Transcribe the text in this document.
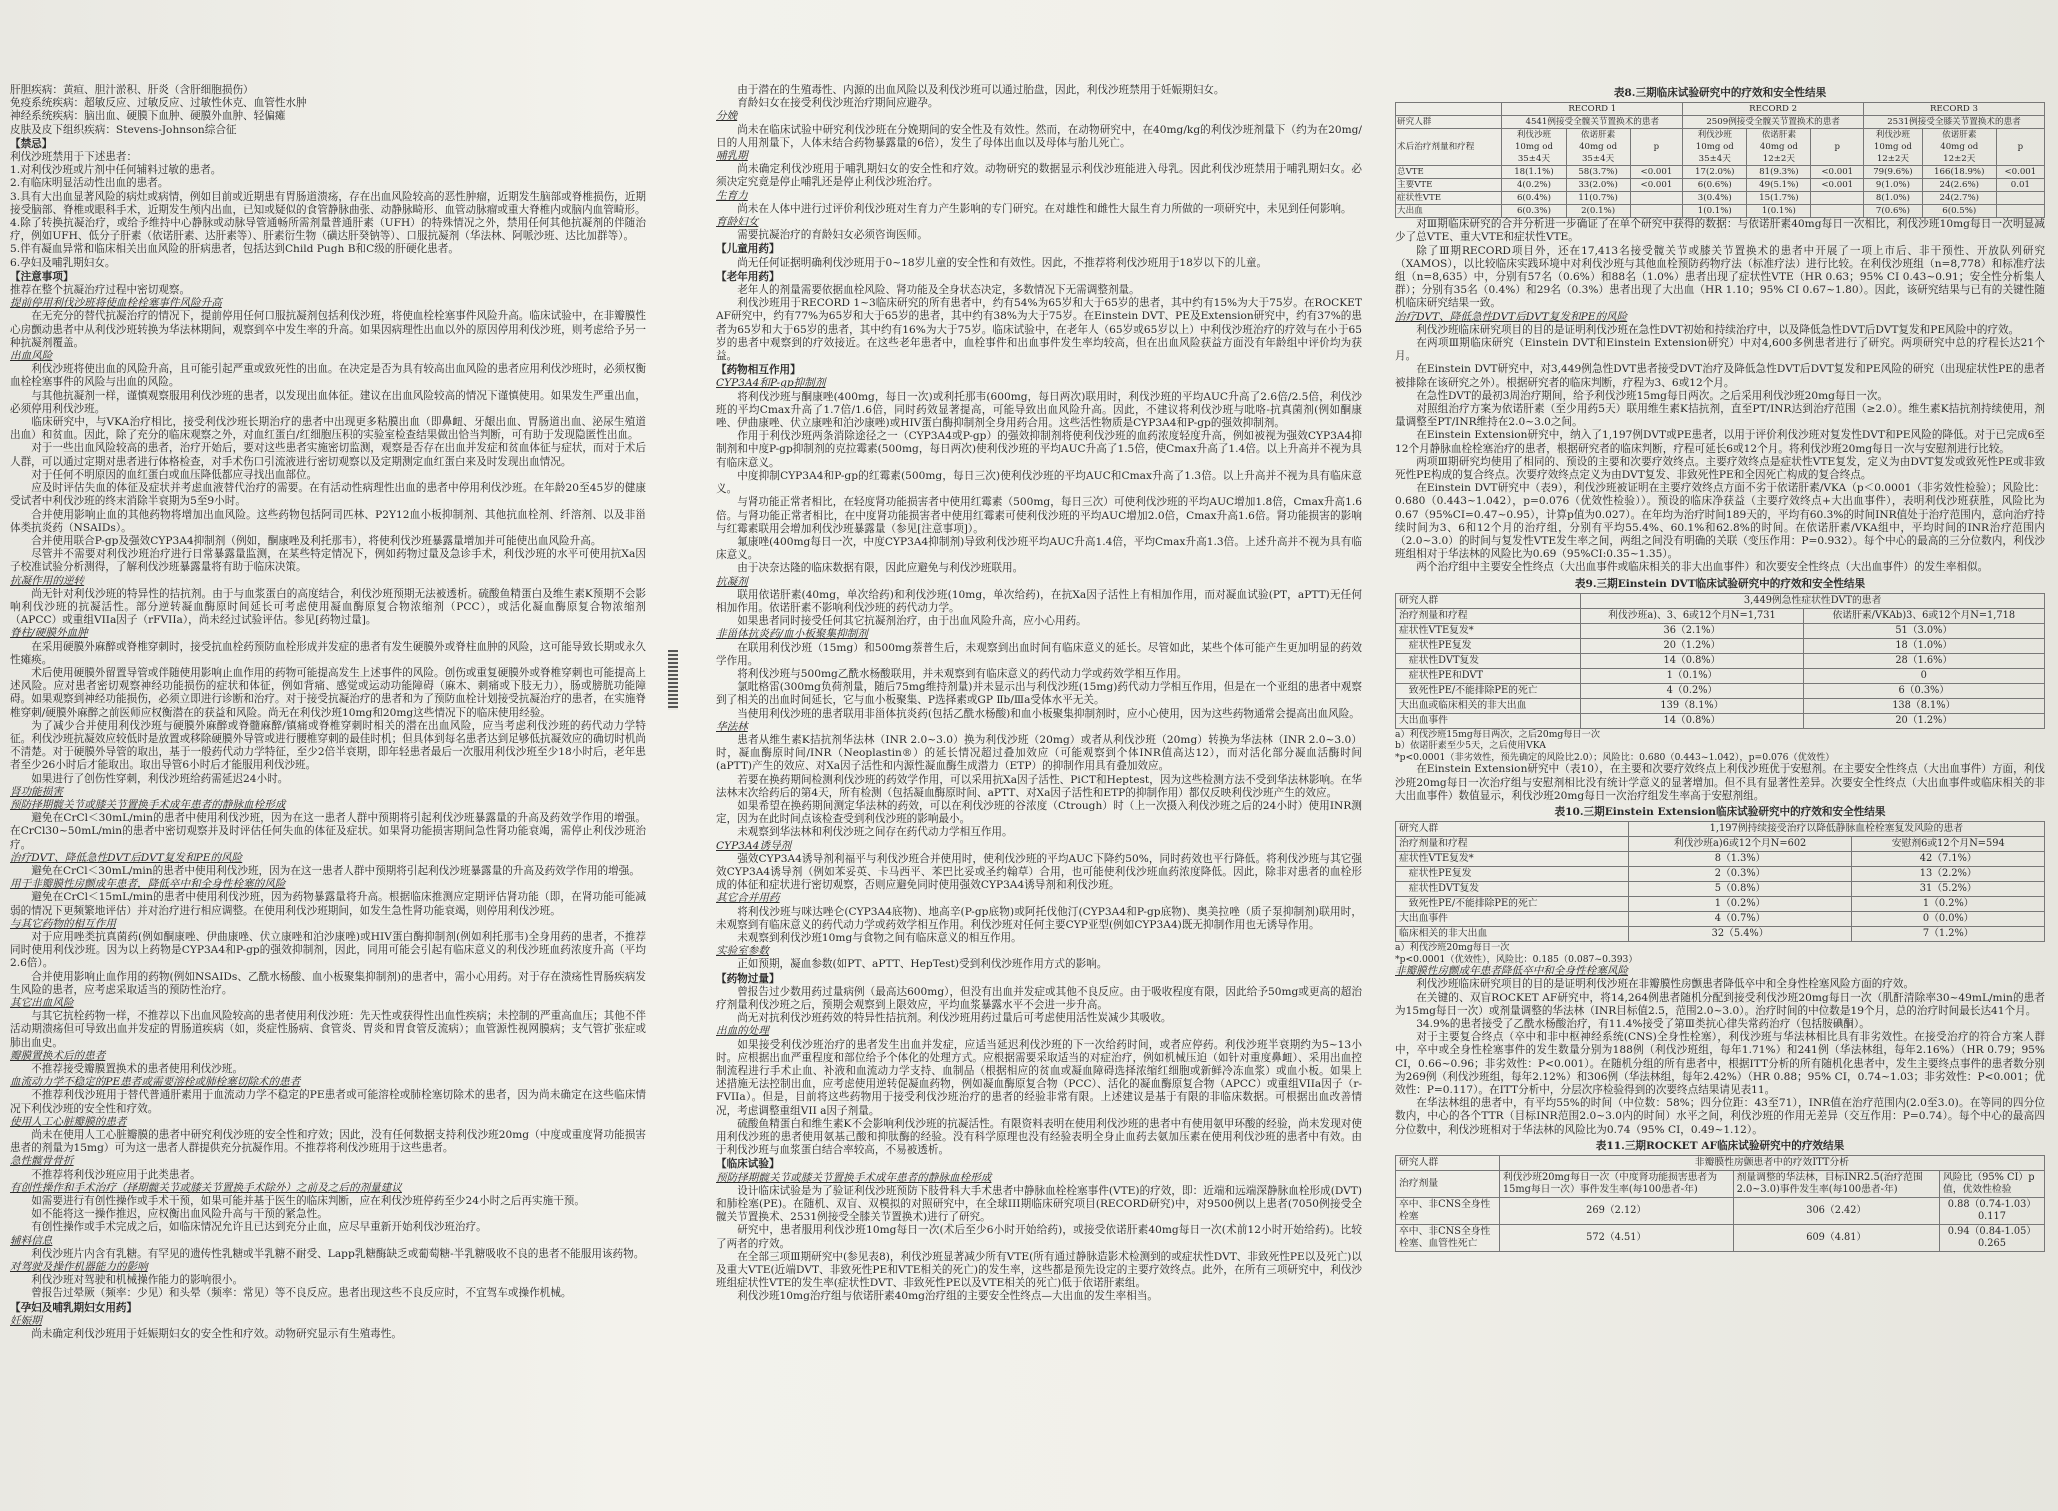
肝胆疾病：黄疸、胆汁淤积、肝炎（含肝细胞损伤）

免疫系统疾病：超敏反应、过敏反应、过敏性休克、血管性水肿

神经系统疾病：脑出血、硬膜下血肿、硬膜外血肿、轻偏瘫

皮肤及皮下组织疾病：Stevens-Johnson综合征

【禁忌】

利伐沙班禁用于下述患者：

1.对利伐沙班或片剂中任何辅料过敏的患者。

2.有临床明显活动性出血的患者。

3.具有大出血显著风险的病灶或病情，例如目前或近期患有胃肠道溃疡，存在出血风险较高的恶性肿瘤，近期发生脑部或脊椎损伤，近期接受脑部、脊椎或眼科手术，近期发生颅内出血，已知或疑似的食管静脉曲张、动静脉畸形、血管动脉瘤或重大脊椎内或脑内血管畸形。

4.除了转换抗凝治疗，或给予维持中心静脉或动脉导管通畅所需剂量普通肝素（UFH）的特殊情况之外，禁用任何其他抗凝剂的伴随治疗，例如UFH、低分子肝素（依诺肝素、达肝素等）、肝素衍生物（磺达肝癸钠等）、口服抗凝剂（华法林、阿哌沙班、达比加群等）。

5.伴有凝血异常和临床相关出血风险的肝病患者，包括达到Child Pugh B和C级的肝硬化患者。

6.孕妇及哺乳期妇女。

【注意事项】

推荐在整个抗凝治疗过程中密切观察。

提前停用利伐沙班将使血栓栓塞事件风险升高

在无充分的替代抗凝治疗的情况下，提前停用任何口服抗凝剂包括利伐沙班，将使血栓栓塞事件风险升高。临床试验中，在非瓣膜性心房颤动患者中从利伐沙班转换为华法林期间，观察到卒中发生率的升高。如果因病理性出血以外的原因停用利伐沙班，则考虑给予另一种抗凝剂覆盖。

出血风险

利伐沙班将使出血的风险升高，且可能引起严重或致死性的出血。在决定是否为具有较高出血风险的患者应用利伐沙班时，必须权衡血栓栓塞事件的风险与出血的风险。

与其他抗凝剂一样，谨慎观察服用利伐沙班的患者，以发现出血体征。建议在出血风险较高的情况下谨慎使用。如果发生严重出血，必须停用利伐沙班。

临床研究中，与VKA治疗相比，接受利伐沙班长期治疗的患者中出现更多粘膜出血（即鼻衄、牙龈出血、胃肠道出血、泌尿生殖道出血）和贫血。因此，除了充分的临床观察之外，对血红蛋白/红细胞压积的实验室检查结果做出恰当判断，可有助于发现隐匿性出血。

对于一些出血风险较高的患者，治疗开始后，要对这些患者实施密切监测，观察是否存在出血并发症和贫血体征与症状，而对于术后人群，可以通过定期对患者进行体格检查，对手术伤口引流液进行密切观察以及定期测定血红蛋白来及时发现出血情况。

对于任何不明原因的血红蛋白或血压降低都应寻找出血部位。

应及时评估失血的体征及症状并考虑血液替代治疗的需要。在有活动性病理性出血的患者中停用利伐沙班。在年龄20至45岁的健康受试者中利伐沙班的终末消除半衰期为5至9小时。

合并使用影响止血的其他药物将增加出血风险。这些药物包括阿司匹林、P2Y12血小板抑制剂、其他抗血栓剂、纤溶剂、以及非甾体类抗炎药（NSAIDs）。

合并使用联合P-gp及强效CYP3A4抑制剂（例如，酮康唑及利托那韦），将使利伐沙班暴露量增加并可能使出血风险升高。

尽管并不需要对利伐沙班治疗进行日常暴露量监测，在某些特定情况下，例如药物过量及急诊手术，利伐沙班的水平可使用抗Xa因子校准试验分析测得，了解利伐沙班暴露量将有助于临床决策。

抗凝作用的逆转

尚无针对利伐沙班的特异性的拮抗剂。由于与血浆蛋白的高度结合，利伐沙班预期无法被透析。硫酸鱼精蛋白及维生素K预期不会影响利伐沙班的抗凝活性。部分逆转凝血酶原时间延长可考虑使用凝血酶原复合物浓缩剂（PCC），或活化凝血酶原复合物浓缩剂（APCC）或重组VIIa因子（rFVIIa），尚未经过试验评估。参见[药物过量]。

脊柱/硬膜外血肿

在采用硬膜外麻醉或脊椎穿刺时，接受抗血栓药预防血栓形成并发症的患者有发生硬膜外或脊柱血肿的风险，这可能导致长期或永久性瘫痪。

术后使用硬膜外留置导管或伴随使用影响止血作用的药物可能提高发生上述事件的风险。创伤或重复硬膜外或脊椎穿刺也可能提高上述风险。应对患者密切观察神经功能损伤的症状和体征，例如背痛、感觉或运动功能障碍（麻木、刺痛或下肢无力），肠或膀胱功能障碍。如果观察到神经功能损伤，必须立即进行诊断和治疗。对于接受抗凝治疗的患者和为了预防血栓计划接受抗凝治疗的患者，在实施脊椎穿刺/硬膜外麻醉之前医师应权衡潜在的获益和风险。尚无在利伐沙班10mg和20mg这些情况下的临床使用经验。

为了减少合并使用利伐沙班与硬膜外麻醉或脊髓麻醉/镇痛或脊椎穿刺时相关的潜在出血风险，应当考虑利伐沙班的药代动力学特征。利伐沙班抗凝效应较低时是放置或移除硬膜外导管或进行腰椎穿刺的最佳时机；但具体到每名患者达到足够低抗凝效应的确切时机尚不清楚。对于硬膜外导管的取出，基于一般药代动力学特征，至少2倍半衰期，即年轻患者最后一次服用利伐沙班至少18小时后，老年患者至少26小时后才能取出。取出导管6小时后才能服用利伐沙班。

如果进行了创伤性穿刺，利伐沙班给药需延迟24小时。

肾功能损害

预防择期髋关节或膝关节置换手术成年患者的静脉血栓形成

避免在CrCl＜30mL/min的患者中使用利伐沙班，因为在这一患者人群中预期将引起利伐沙班暴露量的升高及药效学作用的增强。在CrCl30~50mL/min的患者中密切观察并及时评估任何失血的体征及症状。如果肾功能损害期间急性肾功能衰竭，需停止利伐沙班治疗。

治疗DVT、降低急性DVT后DVT复发和PE的风险

避免在CrCl＜30mL/min的患者中使用利伐沙班，因为在这一患者人群中预期将引起利伐沙班暴露量的升高及药效学作用的增强。

用于非瓣膜性房颤成年患者，降低卒中和全身性栓塞的风险

避免在CrCl＜15mL/min的患者中使用利伐沙班，因为药物暴露量将升高。根据临床推测应定期评估肾功能（即，在肾功能可能减弱的情况下更频繁地评估）并对治疗进行相应调整。在使用利伐沙班期间，如发生急性肾功能衰竭，则停用利伐沙班。

与其它药物的相互作用

对于应用唑类抗真菌药(例如酮康唑、伊曲康唑、伏立康唑和泊沙康唑)或HIV蛋白酶抑制剂(例如利托那韦)全身用药的患者，不推荐同时使用利伐沙班。因为以上药物是CYP3A4和P-gp的强效抑制剂，因此，同用可能会引起有临床意义的利伐沙班血药浓度升高（平均2.6倍）。

合并使用影响止血作用的药物(例如NSAIDs、乙酰水杨酸、血小板聚集抑制剂)的患者中，需小心用药。对于存在溃疡性胃肠疾病发生风险的患者，应考虑采取适当的预防性治疗。

其它出血风险

与其它抗栓药物一样，不推荐以下出血风险较高的患者使用利伐沙班：先天性或获得性出血性疾病；未控制的严重高血压；其他不伴活动期溃疡但可导致出血并发症的胃肠道疾病（如，炎症性肠病、食管炎、胃炎和胃食管反流病）；血管源性视网膜病；支气管扩张症或肺出血史。

瓣膜置换术后的患者

不推荐接受瓣膜置换术的患者使用利伐沙班。

血流动力学不稳定的PE患者或需要溶栓或肺栓塞切除术的患者

不推荐利伐沙班用于替代普通肝素用于血流动力学不稳定的PE患者或可能溶栓或肺栓塞切除术的患者，因为尚未确定在这些临床情况下利伐沙班的安全性和疗效。

使用人工心脏瓣膜的患者

尚未在使用人工心脏瓣膜的患者中研究利伐沙班的安全性和疗效；因此，没有任何数据支持利伐沙班20mg（中度或重度肾功能损害患者的剂量为15mg）可为这一患者人群提供充分抗凝作用。不推荐将利伐沙班用于这些患者。

急性髋骨骨折

不推荐将利伐沙班应用于此类患者。

有创性操作和手术治疗（择期髋关节或膝关节置换手术除外）之前及之后的剂量建议

如需要进行有创性操作或手术干预，如果可能并基于医生的临床判断，应在利伐沙班停药至少24小时之后再实施干预。

如不能将这一操作推迟，应权衡出血风险升高与干预的紧急性。

有创性操作或手术完成之后，如临床情况允许且已达到充分止血，应尽早重新开始利伐沙班治疗。

辅料信息

利伐沙班片内含有乳糖。有罕见的遗传性乳糖或半乳糖不耐受、Lapp乳糖酶缺乏或葡萄糖-半乳糖吸收不良的患者不能服用该药物。

对驾驶及操作机器能力的影响

利伐沙班对驾驶和机械操作能力的影响很小。

曾报告过晕厥（频率：少见）和头晕（频率：常见）等不良反应。患者出现这些不良反应时，不宜驾车或操作机械。

【孕妇及哺乳期妇女用药】

妊娠期

尚未确定利伐沙班用于妊娠期妇女的安全性和疗效。动物研究显示有生殖毒性。

由于潜在的生殖毒性、内源的出血风险以及利伐沙班可以通过胎盘，因此，利伐沙班禁用于妊娠期妇女。

育龄妇女在接受利伐沙班治疗期间应避孕。

分娩

尚未在临床试验中研究利伐沙班在分娩期间的安全性及有效性。然而，在动物研究中，在40mg/kg的利伐沙班剂量下（约为在20mg/日的人用剂量下，人体未结合药物暴露量的6倍），发生了母体出血以及母体与胎儿死亡。

哺乳期

尚未确定利伐沙班用于哺乳期妇女的安全性和疗效。动物研究的数据显示利伐沙班能进入母乳。因此利伐沙班禁用于哺乳期妇女。必须决定究竟是停止哺乳还是停止利伐沙班治疗。

生育力

尚未在人体中进行过评价利伐沙班对生育力产生影响的专门研究。在对雄性和雌性大鼠生育力所做的一项研究中，未见到任何影响。

育龄妇女

需要抗凝治疗的育龄妇女必须咨询医师。

【儿童用药】

尚无任何证据明确利伐沙班用于0~18岁儿童的安全性和有效性。因此，不推荐将利伐沙班用于18岁以下的儿童。

【老年用药】

老年人的剂量需要依据血栓风险、肾功能及全身状态决定，多数情况下无需调整剂量。

利伐沙班用于RECORD 1~3临床研究的所有患者中，约有54%为65岁和大于65岁的患者，其中约有15%为大于75岁。在ROCKET AF研究中，约有77%为65岁和大于65岁的患者，其中约有38%为大于75岁。在Einstein DVT、PE及Extension研究中，约有37%的患者为65岁和大于65岁的患者，其中约有16%为大于75岁。临床试验中，在老年人（65岁或65岁以上）中利伐沙班治疗的疗效与在小于65岁的患者中观察到的疗效接近。在这些老年患者中，血栓事件和出血事件发生率均较高，但在出血风险获益方面没有年龄组中评价均为获益。

【药物相互作用】

CYP3A4和P-gp抑制剂

将利伐沙班与酮康唑(400mg，每日一次)或利托那韦(600mg，每日两次)联用时，利伐沙班的平均AUC升高了2.6倍/2.5倍，利伐沙班的平均Cmax升高了1.7倍/1.6倍，同时药效显著提高，可能导致出血风险升高。因此，不建议将利伐沙班与吡咯-抗真菌剂(例如酮康唑、伊曲康唑、伏立康唑和泊沙康唑)或HIV蛋白酶抑制剂全身用药合用。这些活性物质是CYP3A4和P-gp的强效抑制剂。

作用于利伐沙班两条消除途径之一（CYP3A4或P-gp）的强效抑制剂将使利伐沙班的血药浓度轻度升高，例如被视为强效CYP3A4抑制剂和中度P-gp抑制剂的克拉霉素(500mg，每日两次)使利伐沙班的平均AUC升高了1.5倍，使Cmax升高了1.4倍。以上升高并不视为具有临床意义。

中度抑制CYP3A4和P-gp的红霉素(500mg，每日三次)使利伐沙班的平均AUC和Cmax升高了1.3倍。以上升高并不视为具有临床意义。

与肾功能正常者相比，在轻度肾功能损害者中使用红霉素（500mg，每日三次）可使利伐沙班的平均AUC增加1.8倍，Cmax升高1.6倍。与肾功能正常者相比，在中度肾功能损害者中使用红霉素可使利伐沙班的平均AUC增加2.0倍，Cmax升高1.6倍。肾功能损害的影响与红霉素联用会增加利伐沙班暴露量（参见[注意事项]）。

氟康唑(400mg每日一次，中度CYP3A4抑制剂)导致利伐沙班平均AUC升高1.4倍，平均Cmax升高1.3倍。上述升高并不视为具有临床意义。

由于决奈达隆的临床数据有限，因此应避免与利伐沙班联用。

抗凝剂

联用依诺肝素(40mg，单次给药)和利伐沙班(10mg，单次给药)，在抗Xa因子活性上有相加作用，而对凝血试验(PT，aPTT)无任何相加作用。依诺肝素不影响利伐沙班的药代动力学。

如果患者同时接受任何其它抗凝剂治疗，由于出血风险升高，应小心用药。

非甾体抗炎药/血小板聚集抑制剂

在联用利伐沙班（15mg）和500mg萘普生后，未观察到出血时间有临床意义的延长。尽管如此，某些个体可能产生更加明显的药效学作用。

将利伐沙班与500mg乙酰水杨酸联用，并未观察到有临床意义的药代动力学或药效学相互作用。

氯吡格雷(300mg负荷剂量，随后75mg维持剂量)并未显示出与利伐沙班(15mg)药代动力学相互作用，但是在一个亚组的患者中观察到了相关的出血时间延长，它与血小板聚集、P选择素或GP Ⅱb/Ⅲa受体水平无关。

当使用利伐沙班的患者联用非甾体抗炎药(包括乙酰水杨酸)和血小板聚集抑制剂时，应小心使用，因为这些药物通常会提高出血风险。

华法林

患者从维生素K拮抗剂华法林（INR 2.0~3.0）换为利伐沙班（20mg）或者从利伐沙班（20mg）转换为华法林（INR 2.0~3.0）时，凝血酶原时间/INR（Neoplastin®）的延长情况超过叠加效应（可能观察到个体INR值高达12），而对活化部分凝血活酶时间(aPTT)产生的效应、对Xa因子活性和内源性凝血酶生成潜力（ETP）的抑制作用具有叠加效应。

若要在换药期间检测利伐沙班的药效学作用，可以采用抗Xa因子活性、PiCT和Heptest，因为这些检测方法不受到华法林影响。在华法林末次给药后的第4天，所有检测（包括凝血酶原时间、aPTT、对Xa因子活性和ETP的抑制作用）都仅反映利伐沙班产生的效应。

如果希望在换药期间测定华法林的药效，可以在利伐沙班的谷浓度（Ctrough）时（上一次摄入利伐沙班之后的24小时）使用INR测定，因为在此时间点该检查受到利伐沙班的影响最小。

未观察到华法林和利伐沙班之间存在药代动力学相互作用。

CYP3A4诱导剂

强效CYP3A4诱导剂利福平与利伐沙班合并使用时，使利伐沙班的平均AUC下降约50%，同时药效也平行降低。将利伐沙班与其它强效CYP3A4诱导剂（例如苯妥英、卡马西平、苯巴比妥或圣约翰草）合用，也可能使利伐沙班血药浓度降低。因此，除非对患者的血栓形成的体征和症状进行密切观察，否则应避免同时使用强效CYP3A4诱导剂和利伐沙班。

其它合并用药

将利伐沙班与咪达唑仑(CYP3A4底物)、地高辛(P-gp底物)或阿托伐他汀(CYP3A4和P-gp底物)、奥美拉唑（质子泵抑制剂)联用时，未观察到有临床意义的药代动力学或药效学相互作用。利伐沙班对任何主要CYP亚型(例如CYP3A4)既无抑制作用也无诱导作用。

未观察到利伐沙班10mg与食物之间有临床意义的相互作用。

实验室参数

正如预期，凝血参数(如PT、aPTT、HepTest)受到利伐沙班作用方式的影响。

【药物过量】

曾报告过少数用药过量病例（最高达600mg），但没有出血并发症或其他不良反应。由于吸收程度有限，因此给予50mg或更高的超治疗剂量利伐沙班之后，预期会观察到上限效应，平均血浆暴露水平不会进一步升高。

尚无对抗利伐沙班药效的特异性拮抗剂。利伐沙班用药过量后可考虑使用活性炭减少其吸收。

出血的处理

如果接受利伐沙班治疗的患者发生出血并发症，应适当延迟利伐沙班的下一次给药时间，或者应停药。利伐沙班半衰期约为5~13小时。应根据出血严重程度和部位给予个体化的处理方式。应根据需要采取适当的对症治疗，例如机械压迫（如针对重度鼻衄）、采用出血控制流程进行手术止血、补液和血流动力学支持、血制品（根据相应的贫血或凝血障碍选择浓缩红细胞或新鲜冷冻血浆）或血小板。如果上述措施无法控制出血，应考虑使用逆转促凝血药物，例如凝血酶原复合物（PCC）、活化的凝血酶原复合物（APCC）或重组VIIa因子（r-FVIIa）。但是，目前将这些药物用于接受利伐沙班治疗的患者的经验非常有限。上述建议是基于有限的非临床数据。可根据出血改善情况，考虑调整重组VII a因子剂量。

硫酸鱼精蛋白和维生素K不会影响利伐沙班的抗凝活性。有限资料表明在使用利伐沙班的患者中有使用氨甲环酸的经验，尚未发现对使用利伐沙班的患者使用氨基己酸和抑肽酶的经验。没有科学原理也没有经验表明全身止血药去氨加压素在使用利伐沙班的患者中有效。由于利伐沙班与血浆蛋白结合率较高，不易被透析。

【临床试验】

预防择期髋关节或膝关节置换手术成年患者的静脉血栓形成

设计临床试验是为了验证利伐沙班预防下肢骨科大手术患者中静脉血栓栓塞事件(VTE)的疗效，即：近端和远端深静脉血栓形成(DVT)和肺栓塞(PE)。在随机、双盲、双模拟的对照研究中，在全球III期临床研究项目(RECORD研究)中，对9500例以上患者(7050例接受全髋关节置换术、2531例接受全膝关节置换术)进行了研究。

研究中，患者服用利伐沙班10mg每日一次(术后至少6小时开始给药)，或接受依诺肝素40mg每日一次(术前12小时开始给药)。比较了两者的疗效。

在全部三项Ⅲ期研究中(参见表8)，利伐沙班显著减少所有VTE(所有通过静脉造影术检测到的或症状性DVT、非致死性PE以及死亡)以及重大VTE(近端DVT、非致死性PE和VTE相关的死亡)的发生率，这些都是预先设定的主要疗效终点。此外，在所有三项研究中，利伐沙班组症状性VTE的发生率(症状性DVT、非致死性PE以及VTE相关的死亡)低于依诺肝素组。

利伐沙班10mg治疗组与依诺肝素40mg治疗组的主要安全性终点—大出血的发生率相当。

表8.三期临床试验研究中的疗效和安全性结果
	RECORD 1			RECORD 2			RECORD 3		
研究人群	4541例接受全髋关节置换术的患者			2509例接受全髋关节置换术的患者			2531例接受全膝关节置换术的患者		
术后治疗剂量和疗程	利伐沙班
10mg od
35±4天	依诺肝素
40mg od
35±4天	p	利伐沙班
10mg od
35±4天	依诺肝素
40mg od
12±2天	p	利伐沙班
10mg od
12±2天	依诺肝素
40mg od
12±2天	p
总VTE	18(1.1%)	58(3.7%)	<0.001	17(2.0%)	81(9.3%)	<0.001	79(9.6%)	166(18.9%)	<0.001
主要VTE	4(0.2%)	33(2.0%)	<0.001	6(0.6%)	49(5.1%)	<0.001	9(1.0%)	24(2.6%)	0.01
症状性VTE	6(0.4%)	11(0.7%)		3(0.4%)	15(1.7%)		8(1.0%)	24(2.7%)	
大出血	6(0.3%)	2(0.1%)		1(0.1%)	1(0.1%)		7(0.6%)	6(0.5%)	

对Ⅲ期临床研究的合并分析进一步确证了在单个研究中获得的数据：与依诺肝素40mg每日一次相比，利伐沙班10mg每日一次明显减少了总VTE、重大VTE和症状性VTE。

除了Ⅲ期RECORD项目外，还在17,413名接受髋关节或膝关节置换术的患者中开展了一项上市后、非干预性、开放队列研究（XAMOS），以比较临床实践环境中对利伐沙班与其他血栓预防药物疗法（标准疗法）进行比较。在利伐沙班组（n=8,778）和标准疗法组（n=8,635）中，分别有57名（0.6%）和88名（1.0%）患者出现了症状性VTE（HR 0.63；95% CI 0.43~0.91；安全性分析集人群）；分别有35名（0.4%）和29名（0.3%）患者出现了大出血（HR 1.10；95% CI 0.67~1.80）。因此，该研究结果与已有的关键性随机临床研究结果一致。

治疗DVT、降低急性DVT后DVT复发和PE的风险

利伐沙班临床研究项目的目的是证明利伐沙班在急性DVT初始和持续治疗中，以及降低急性DVT后DVT复发和PE风险中的疗效。

在两项Ⅲ期临床研究（Einstein DVT和Einstein Extension研究）中对4,600多例患者进行了研究。两项研究中总的疗程长达21个月。

在Einstein DVT研究中，对3,449例急性DVT患者接受DVT治疗及降低急性DVT后DVT复发和PE风险的研究（出现症状性PE的患者被排除在该研究之外）。根据研究者的临床判断，疗程为3、6或12个月。

在急性DVT的最初3周治疗期间，给予利伐沙班15mg每日两次。之后采用利伐沙班20mg每日一次。

对照组治疗方案为依诺肝素（至少用药5天）联用维生素K拮抗剂，直至PT/INR达到治疗范围（≥2.0）。维生素K拮抗剂持续使用，剂量调整至PT/INR维持在2.0~3.0之间。

在Einstein Extension研究中，纳入了1,197例DVT或PE患者，以用于评价利伐沙班对复发性DVT和PE风险的降低。对于已完成6至12个月静脉血栓栓塞治疗的患者，根据研究者的临床判断，疗程可延长6或12个月。将利伐沙班20mg每日一次与安慰剂进行比较。

两项Ⅲ期研究均使用了相同的、预设的主要和次要疗效终点。主要疗效终点是症状性VTE复发，定义为由DVT复发或致死性PE或非致死性PE构成的复合终点。次要疗效终点定义为由DVT复发、非致死性PE和全因死亡构成的复合终点。

在Einstein DVT研究中（表9），利伐沙班被证明在主要疗效终点方面不劣于依诺肝素/VKA（p＜0.0001（非劣效性检验）；风险比：0.680（0.443~1.042），p=0.076（优效性检验））。预设的临床净获益（主要疗效终点+大出血事件），表明利伐沙班获胜，风险比为0.67（95%CI=0.47~0.95），计算p值为0.027）。在年均为治疗时间189天的，平均有60.3%的时间INR值处于治疗范围内，意向治疗持续时间为3、6和12个月的治疗组，分别有平均55.4%、60.1%和62.8%的时间。在依诺肝素/VKA组中，平均时间的INR治疗范围内（2.0~3.0）的时间与复发性VTE发生率之间，两组之间没有明确的关联（变压作用：P=0.932）。每个中心的最高的三分位数内，利伐沙班组相对于华法林的风险比为0.69（95%CI:0.35~1.35）。

两个治疗组中主要安全性终点（大出血事件或临床相关的非大出血事件）和次要安全性终点（大出血事件）的发生率相似。

表9.三期Einstein DVT临床试验研究中的疗效和安全性结果
研究人群	3,449例急性症状性DVT的患者	
治疗剂量和疗程	利伐沙班a)、3、6或12个月N=1,731	依诺肝素/VKAb)3、6或12个月N=1,718
症状性VTE复发*	36（2.1%）	51（3.0%）
　症状性PE复发	20（1.2%）	18（1.0%）
　症状性DVT复发	14（0.8%）	28（1.6%）
　症状性PE和DVT	1（0.1%）	0
　致死性PE/不能排除PE的死亡	4（0.2%）	6（0.3%）
大出血或临床相关的非大出血	139（8.1%）	138（8.1%）
大出血事件	14（0.8%）	20（1.2%）

a）利伐沙班15mg每日两次，之后20mg每日一次

b）依诺肝素至少5天，之后使用VKA

*p<0.0001（非劣效性，预先确定的风险比2.0）；风险比：0.680（0.443~1.042），p=0.076（优效性）

在Einstein Extension研究中（表10），在主要和次要疗效终点上利伐沙班优于安慰剂。在主要安全性终点（大出血事件）方面，利伐沙班20mg每日一次治疗组与安慰剂相比没有统计学意义的显著增加。但不具有显著性差异。次要安全性终点（大出血事件或临床相关的非大出血事件）数值显示，利伐沙班20mg每日一次治疗组发生率高于安慰剂组。

表10.三期Einstein Extension临床试验研究中的疗效和安全性结果
研究人群	1,197例持续接受治疗以降低静脉血栓栓塞复发风险的患者	
治疗剂量和疗程	利伐沙班a)6或12个月N=602	安慰剂6或12个月N=594
症状性VTE复发*	8（1.3%）	42（7.1%）
　症状性PE复发	2（0.3%）	13（2.2%）
　症状性DVT复发	5（0.8%）	31（5.2%）
　致死性PE/不能排除PE的死亡	1（0.2%）	1（0.2%）
大出血事件	4（0.7%）	0（0.0%）
临床相关的非大出血	32（5.4%）	7（1.2%）

a）利伐沙班20mg每日一次

*p<0.0001（优效性），风险比：0.185（0.087~0.393）

非瓣膜性房颤成年患者降低卒中和全身性栓塞风险

利伐沙班临床研究项目的目的是证明利伐沙班在非瓣膜性房颤患者降低卒中和全身性栓塞风险方面的疗效。

在关键的、双盲ROCKET AF研究中，将14,264例患者随机分配到接受利伐沙班20mg每日一次（肌酐清除率30~49mL/min的患者为15mg每日一次）或剂量调整的华法林（INR目标值2.5，范围2.0~3.0）。治疗时间的中位数是19个月，总的治疗时间最长达41个月。

34.9%的患者接受了乙酰水杨酸治疗，有11.4%接受了第Ⅲ类抗心律失常药治疗（包括胺碘酮）。

对于主要复合终点（卒中和非中枢神经系统(CNS)全身性栓塞），利伐沙班与华法林相比具有非劣效性。在接受治疗的符合方案人群中，卒中或全身性栓塞事件的发生数量分别为188例（利伐沙班组，每年1.71%）和241例（华法林组，每年2.16%）（HR 0.79；95% CI，0.66~0.96；非劣效性：P<0.001）。在随机分组的所有患者中，根据ITT分析的所有随机化患者中，发生主要终点事件的患者数分别为269例（利伐沙班组，每年2.12%）和306例（华法林组，每年2.42%）（HR 0.88；95% CI，0.74~1.03；非劣效性：P<0.001；优效性：P=0.117）。在ITT分析中，分层次序检验得到的次要终点结果请见表11。

在华法林组的患者中，有平均55%的时间（中位数：58%；四分位距：43至71），INR值在治疗范围内(2.0至3.0)。在等同的四分位数内，中心的各个TTR（目标INR范围2.0~3.0内的时间）水平之间，利伐沙班的作用无差异（交互作用：P=0.74）。每个中心的最高四分位数中，利伐沙班相对于华法林的风险比为0.74（95% CI，0.49~1.12）。

表11.三期ROCKET AF临床试验研究中的疗效结果
研究人群	非瓣膜性房颤患者中的疗效ITT分析		
治疗剂量	利伐沙班20mg每日一次（中度肾功能损害患者为15mg每日一次）事件发生率(每100患者-年)	剂量调整的华法林，目标INR2.5(治疗范围2.0~3.0)事件发生率(每100患者-年)	风险比（95% CI）p值，优效性检验
卒中、非CNS全身性栓塞	269（2.12）	306（2.42）	0.88（0.74-1.03）0.117
卒中、非CNS全身性栓塞、血管性死亡	572（4.51）	609（4.81）	0.94（0.84-1.05）0.265
